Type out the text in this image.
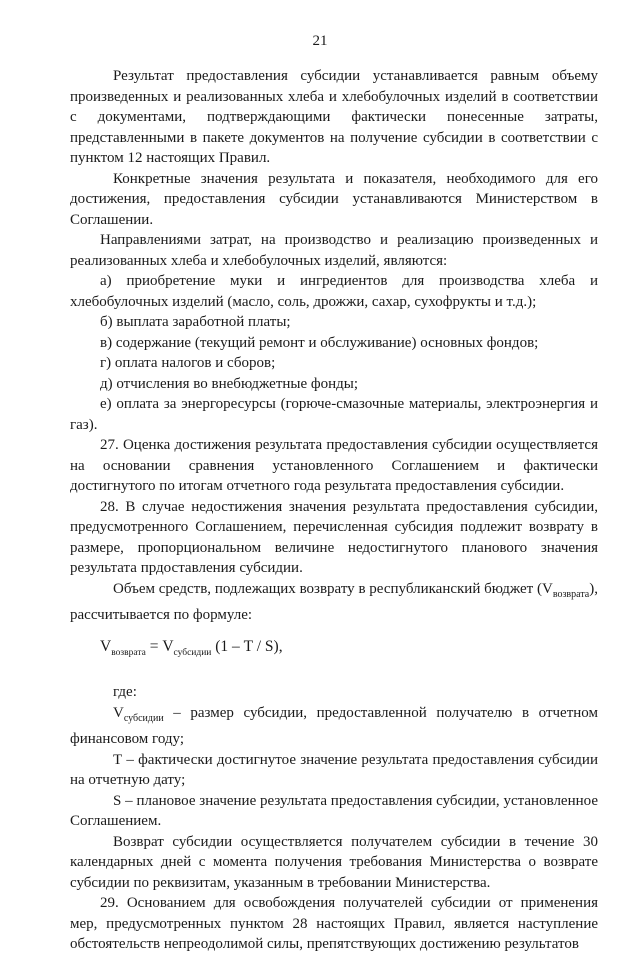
21

Результат предоставления субсидии устанавливается равным объему произведенных и реализованных хлеба и хлебобулочных изделий в соответствии с документами, подтверждающими фактически понесенные затраты, представленными в пакете документов на получение субсидии в соответствии с пунктом 12 настоящих Правил.

Конкретные значения результата и показателя, необходимого для его достижения, предоставления субсидии устанавливаются Министерством в Соглашении.

Направлениями затрат, на производство и реализацию произведенных и реализованных хлеба и хлебобулочных изделий, являются:

а) приобретение муки и ингредиентов для производства хлеба и хлебобулочных изделий (масло, соль, дрожжи, сахар, сухофрукты и т.д.);

б) выплата заработной платы;

в) содержание (текущий ремонт и обслуживание) основных фондов;

г) оплата налогов и сборов;

д) отчисления во внебюджетные фонды;

е) оплата за энергоресурсы (горюче-смазочные материалы, электроэнергия и газ).

27. Оценка достижения результата предоставления субсидии осуществляется на основании сравнения установленного Соглашением и фактически достигнутого по итогам отчетного года результата предоставления субсидии.

28. В случае недостижения значения результата предоставления субсидии, предусмотренного Соглашением, перечисленная субсидия подлежит возврату в размере, пропорциональном величине недостигнутого планового значения результата прдоставления субсидии.

Объем средств, подлежащих возврату в республиканский бюджет $(V_{возврата})$, рассчитывается по формуле:

$V_{возврата} = V_{субсидии}$ (1 – T / S),

где:

$V_{субсидии}$ – размер субсидии, предоставленной получателю в отчетном финансовом году;

Т – фактически достигнутое значение результата предоставления субсидии на отчетную дату;

S – плановое значение результата предоставления субсидии, установленное Соглашением.

Возврат субсидии осуществляется получателем субсидии в течение 30 календарных дней с момента получения требования Министерства о возврате субсидии по реквизитам, указанным в требовании Министерства.

29. Основанием для освобождения получателей субсидии от применения мер, предусмотренных пунктом 28 настоящих Правил, является наступление обстоятельств непреодолимой силы, препятствующих достижению результатов
